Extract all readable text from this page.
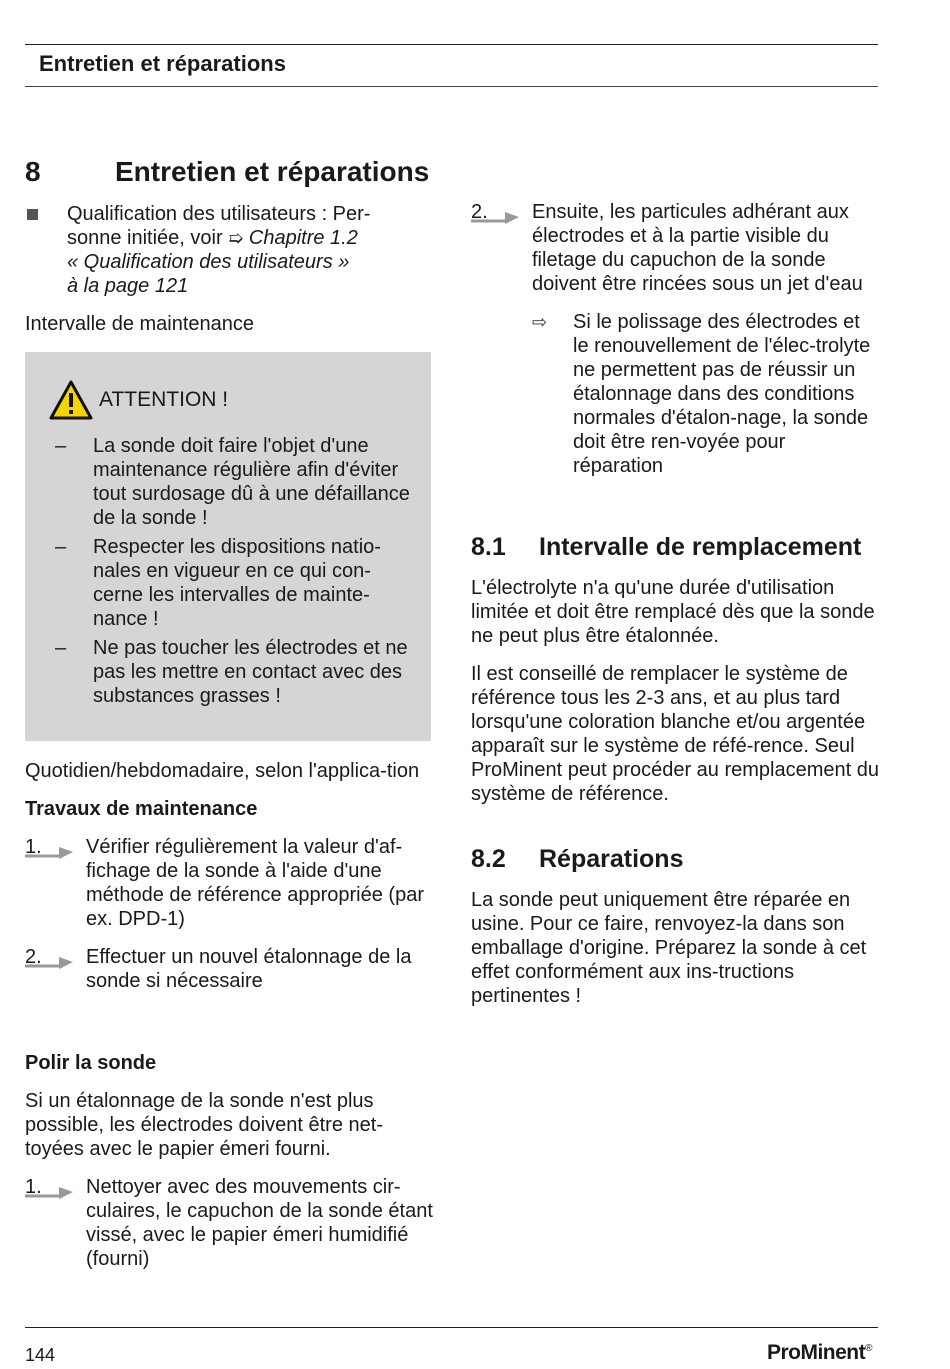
Entretien et réparations
8	Entretien et réparations
Qualification des utilisateurs : Per-sonne initiée, voir ➯ Chapitre 1.2
« Qualification des utilisateurs »
à la page 121
Intervalle de maintenance
ATTENTION !
–	La sonde doit faire l'objet d'une maintenance régulière afin d'éviter tout surdosage dû à une défaillance de la sonde !
–	Respecter les dispositions natio-nales en vigueur en ce qui con-cerne les intervalles de mainte-nance !
–	Ne pas toucher les électrodes et ne pas les mettre en contact avec des substances grasses !
Quotidien/hebdomadaire, selon l'applica-tion
Travaux de maintenance
1.	Vérifier régulièrement la valeur d'af-fichage de la sonde à l'aide d'une méthode de référence appropriée (par ex. DPD-1)
2.	Effectuer un nouvel étalonnage de la sonde si nécessaire
Polir la sonde

Si un étalonnage de la sonde n'est plus possible, les électrodes doivent être net-toyées avec le papier émeri fourni.

1.	Nettoyer avec des mouvements cir-culaires, le capuchon de la sonde étant vissé, avec le papier émeri humidifié (fourni)
2.	Ensuite, les particules adhérant aux électrodes et à la partie visible du filetage du capuchon de la sonde doivent être rincées sous un jet d'eau
⇨	Si le polissage des électrodes et le renouvellement de l'élec-trolyte ne permettent pas de réussir un étalonnage dans des conditions normales d'étalon-nage, la sonde doit être ren-voyée pour réparation
8.1	Intervalle de remplacement

L'électrolyte n'a qu'une durée d'utilisation limitée et doit être remplacé dès que la sonde ne peut plus être étalonnée.

Il est conseillé de remplacer le système de référence tous les 2-3 ans, et au plus tard lorsqu'une coloration blanche et/ou argentée apparaît sur le système de réfé-rence. Seul ProMinent peut procéder au remplacement du système de référence.

8.2	Réparations

La sonde peut uniquement être réparée en usine. Pour ce faire, renvoyez-la dans son emballage d'origine. Préparez la sonde à cet effet conformément aux ins-tructions pertinentes !

144	ProMinent®
